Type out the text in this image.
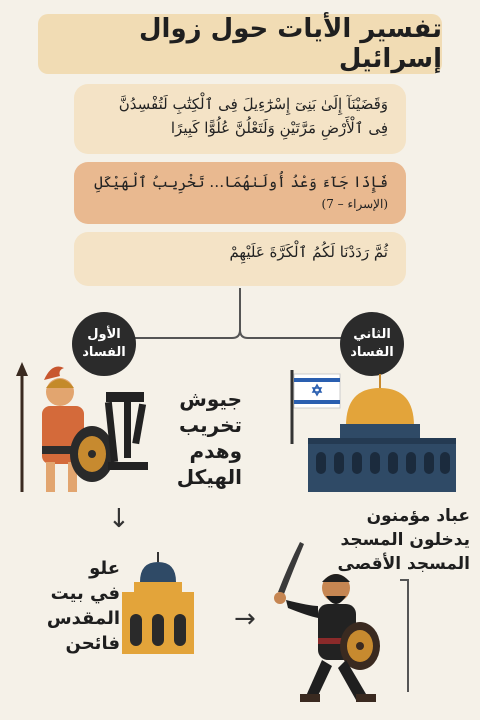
تفسير الأيات حول زوال إسرائيل

وَقَضَيْنَآ إِلَىٰ بَنِىٓ إِسْرَٰٓءِيلَ فِى ٱلْكِتَٰبِ لَتُفْسِدُنَّ

فِى ٱلْأَرْضِ مَرَّتَيْنِ وَلَتَعْلُنَّ عُلُوًّا كَبِيرًا

فَإِذَا جَآءَ وَعْدُ أُولَىٰهُمَا… تَخْرِيبُ ٱلْهَيْكَلِ

(الإسراء – 7)

ثُمَّ رَدَدْنَا لَكُمُ ٱلْكَرَّةَ عَلَيْهِمْ

الأول
الفساد
الثاني
الفساد
جيوش
تخريب
وهدم
الهيكل
↓	عباد مؤمنون
يدخلون المسجد
المسجد الأقصى
علو
في بيت
المقدس
فائحن
→
